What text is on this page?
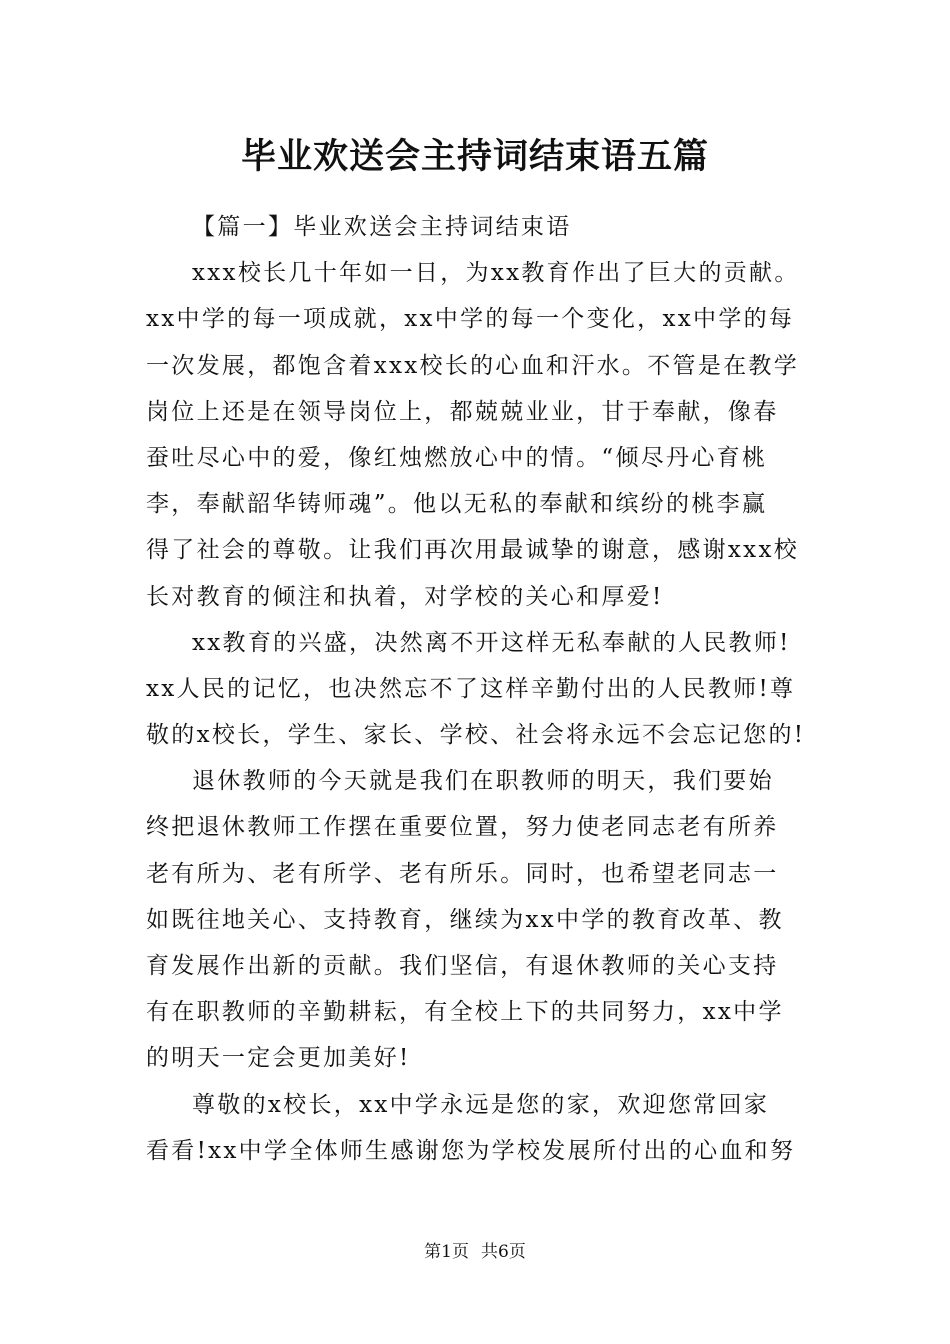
毕业欢送会主持词结束语五篇
【篇一】毕业欢送会主持词结束语
xxx校长几十年如一日，为xx教育作出了巨大的贡献。
xx中学的每一项成就，xx中学的每一个变化，xx中学的每
一次发展，都饱含着xxx校长的心血和汗水。不管是在教学
岗位上还是在领导岗位上，都兢兢业业，甘于奉献，像春
蚕吐尽心中的爱，像红烛燃放心中的情。“倾尽丹心育桃
李，奉献韶华铸师魂”。他以无私的奉献和缤纷的桃李赢
得了社会的尊敬。让我们再次用最诚挚的谢意，感谢xxx校
长对教育的倾注和执着，对学校的关心和厚爱!
xx教育的兴盛，决然离不开这样无私奉献的人民教师!
xx人民的记忆，也决然忘不了这样辛勤付出的人民教师!尊
敬的x校长，学生、家长、学校、社会将永远不会忘记您的!
退休教师的今天就是我们在职教师的明天，我们要始
终把退休教师工作摆在重要位置，努力使老同志老有所养
老有所为、老有所学、老有所乐。同时，也希望老同志一
如既往地关心、支持教育，继续为xx中学的教育改革、教
育发展作出新的贡献。我们坚信，有退休教师的关心支持
有在职教师的辛勤耕耘，有全校上下的共同努力，xx中学
的明天一定会更加美好!
尊敬的x校长，xx中学永远是您的家，欢迎您常回家
看看!xx中学全体师生感谢您为学校发展所付出的心血和努
第1页 共6页
